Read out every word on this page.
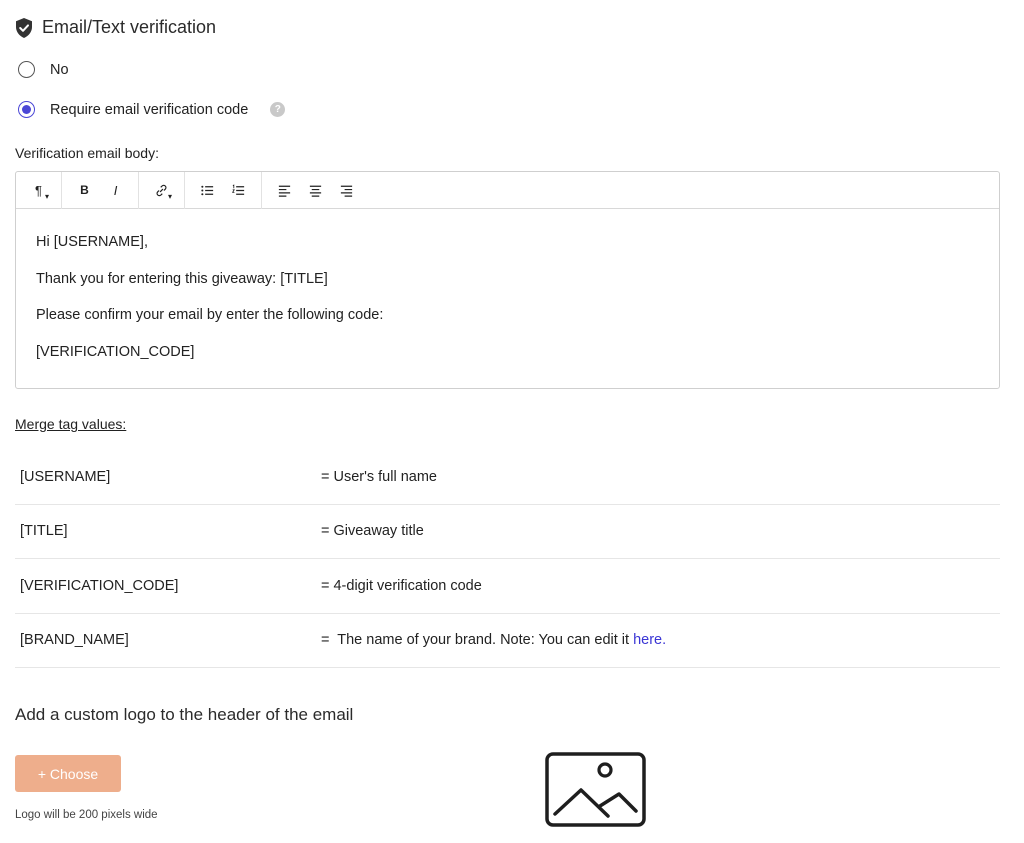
Email/Text verification
No
Require email verification code	?
Verification email body:
¶ ▾	B	I	▾

Hi [USERNAME],

Thank you for entering this giveaway: [TITLE]

Please confirm your email by enter the following code:

[VERIFICATION_CODE]

Merge tag values:
[USERNAME]	= User's full name
[TITLE]	= Giveaway title
[VERIFICATION_CODE]	= 4-digit verification code
[BRAND_NAME]	=  The name of your brand. Note: You can edit it here.
Add a custom logo to the header of the email
+ Choose
Logo will be 200 pixels wide
